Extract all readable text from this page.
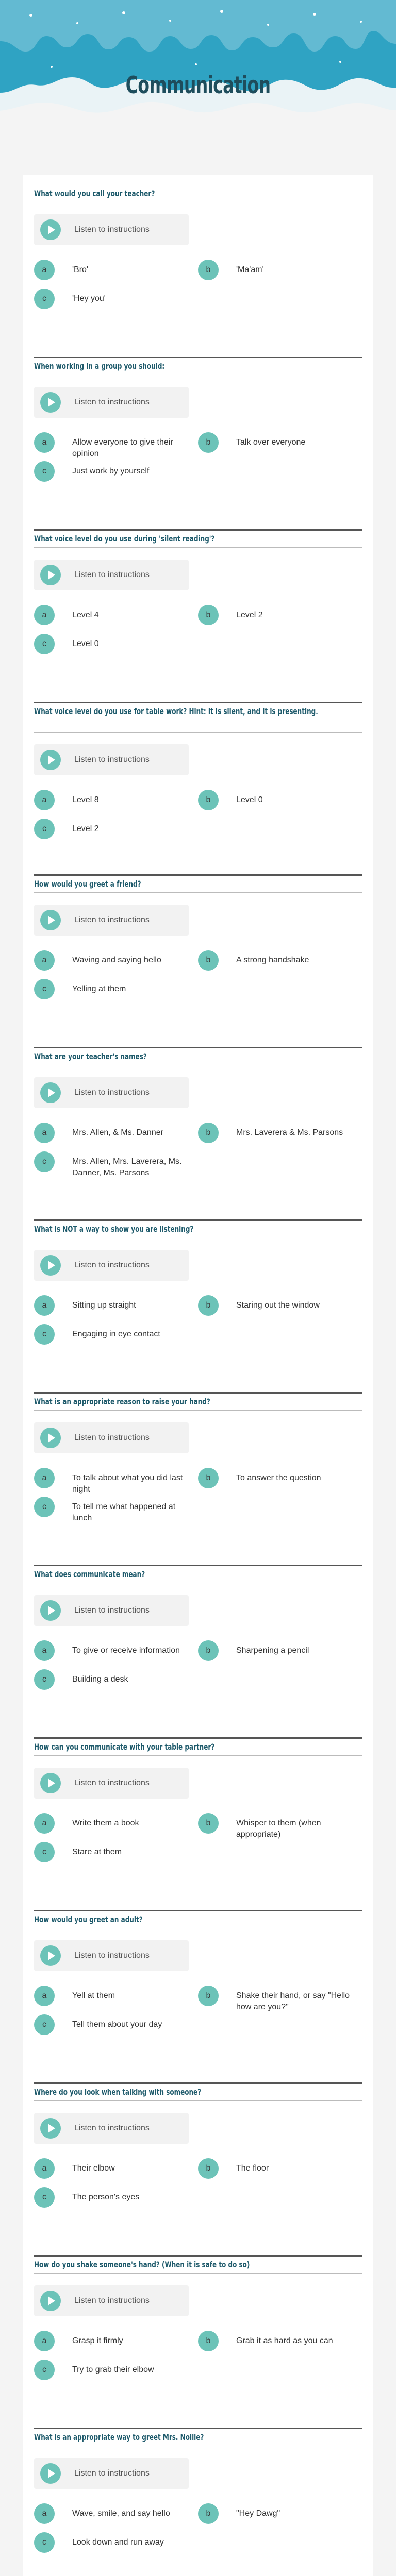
Communication
What would you call your teacher?
Listen to instructions
a	'Bro'	b	'Ma'am'
c	'Hey you'
When working in a group you should:
Listen to instructions
a	Allow everyone to give their opinion
b	Talk over everyone
c	Just work by yourself
What voice level do you use during 'silent reading'?
Listen to instructions
a	Level 4	b	Level 2
c	Level 0
What voice level do you use for table work? Hint: it is silent, and it is presenting.
Listen to instructions
a	Level 8	b	Level 0
c	Level 2
How would you greet a friend?
Listen to instructions
a	Waving and saying hello	b	A strong handshake
c	Yelling at them
What are your teacher's names?
Listen to instructions
a	Mrs. Allen, & Ms. Danner	b	Mrs. Laverera & Ms. Parsons
c	Mrs. Allen, Mrs. Laverera, Ms. Danner, Ms. Parsons
What is NOT a way to show you are listening?
Listen to instructions
a	Sitting up straight	b	Staring out the window
c	Engaging in eye contact
What is an appropriate reason to raise your hand?
Listen to instructions
a	To talk about what you did last night
b	To answer the question
c	To tell me what happened at lunch
What does communicate mean?
Listen to instructions
a	To give or receive information	b	Sharpening a pencil
c	Building a desk
How can you communicate with your table partner?
Listen to instructions
a	Write them a book	b	Whisper to them (when appropriate)
c	Stare at them
How would you greet an adult?
Listen to instructions
a	Yell at them	b	Shake their hand, or say "Hello how are you?"
c	Tell them about your day
Where do you look when talking with someone?
Listen to instructions
a	Their elbow	b	The floor
c	The person's eyes
How do you shake someone's hand? (When it is safe to do so)
Listen to instructions
a	Grasp it firmly	b	Grab it as hard as you can
c	Try to grab their elbow
What is an appropriate way to greet Mrs. Nollie?
Listen to instructions
a	Wave, smile, and say hello	b	"Hey Dawg"
c	Look down and run away
